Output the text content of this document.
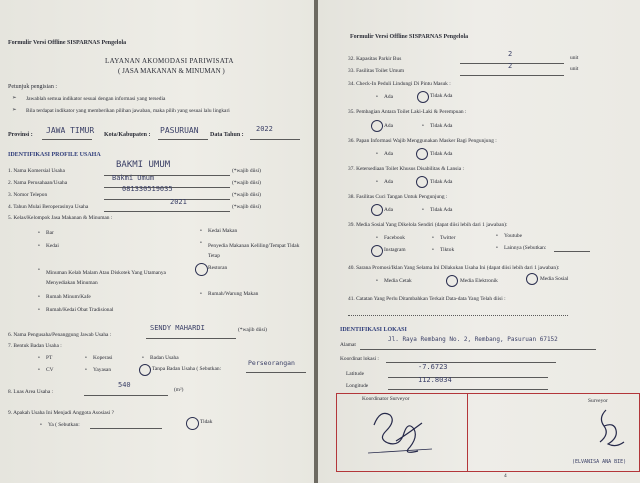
Formulir Versi Offline SISPARNAS Pengelola
LAYANAN AKOMODASI PARIWISATA
( JASA MAKANAN & MINUMAN )
Petunjuk pengisian :
➢ Jawablah semua indikator sesuai dengan informasi yang tersedia
➢ Bila terdapat indikator yang memberikan pilihan jawaban, maka pilih yang sesuai lalu lingkari
Provinsi : JAWA TIMUR Kota/Kabupaten : PASURUAN Data Tahun :
2022
IDENTIFIKASI PROFILE USAHA
1. Nama Komersial Usaha
BAKMI UMUM
(*wajib diisi)
2. Nama Perusahaan/Usaha
Bakmi Umum
(*wajib diisi)
3. Nomor Telepon
081330519035
(*wajib diisi)
4. Tahun Mulai Beroperasinya Usaha
2021
(*wajib diisi)
5. Kelas/Kelompok Jasa Makanan & Minuman :
• Bar
• Kedai
• Kedai Makan
• Penyedia Makanan Keliling/Tempat Tidak Tetap
• Minuman Kelab Malam Atau Diskotek Yang Utamanya Menyediakan Minuman
Restoran
• Rumah Minum/Kafe	• Rumah/Warung Makan
• Rumah/Kedai Obat Tradisional
6. Nama Pengusaha/Penanggung Jawab Usaha :
SENDY MAHARDI	(*wajib diisi)
7. Bentuk Badan Usaha :
• PT	• Koperasi	• Badan Usaha
• CV	• Yayasan	Tanpa Badan Usaha ( Sebutkan:
Perseorangan
8. Luas Area Usaha :
540
(m²)
9. Apakah Usaha Ini Menjadi Anggota Asosiasi ?
• Ya ( Sebutkan:	Tidak
Formulir Versi Offline SISPARNAS Pengelola
32. Kapasitas Parkir Bus
2	unit
33. Fasilitas Toilet Umum
2	unit
34. Check-In Peduli Lindungi Di Pintu Masuk :
• Ada	Tidak Ada
35. Pembagian Antara Toilet Laki-Laki & Perempuan :
Ada	• Tidak Ada
36. Papan Informasi Wajib Menggunakan Masker Bagi Pengunjung :
• Ada	Tidak Ada
37. Ketersediaan Toilet Khusus Disabilitas & Lansia :
• Ada	Tidak Ada
38. Fasilitas Cuci Tangan Untuk Pengunjung :
Ada	• Tidak Ada
39. Media Sosial Yang Dikelola Sendiri (dapat diisi lebih dari 1 jawaban):
• Facebook	• Twitter	• Youtube
Instagram	• Tiktok	• Lainnya (Sebutkan:
40. Sarana Promosi/Iklan Yang Selama Ini Dilakukan Usaha Ini (dapat diisi lebih dari 1 jawaban):
• Media Cetak	Media Elektronik	Media Sosial
41. Catatan Yang Perlu Ditambahkan Terkait Data-data Yang Telah diisi :
IDENTIFIKASI LOKASI
Alamat
Jl. Raya Rembang No. 2, Rembang, Pasuruan 67152
Koordinat lokasi :
Latitude
-7.6723
Longitude
112.8034
Koordinator Surveyor	Surveyor
(ELVANISA ANA BIE)
4
